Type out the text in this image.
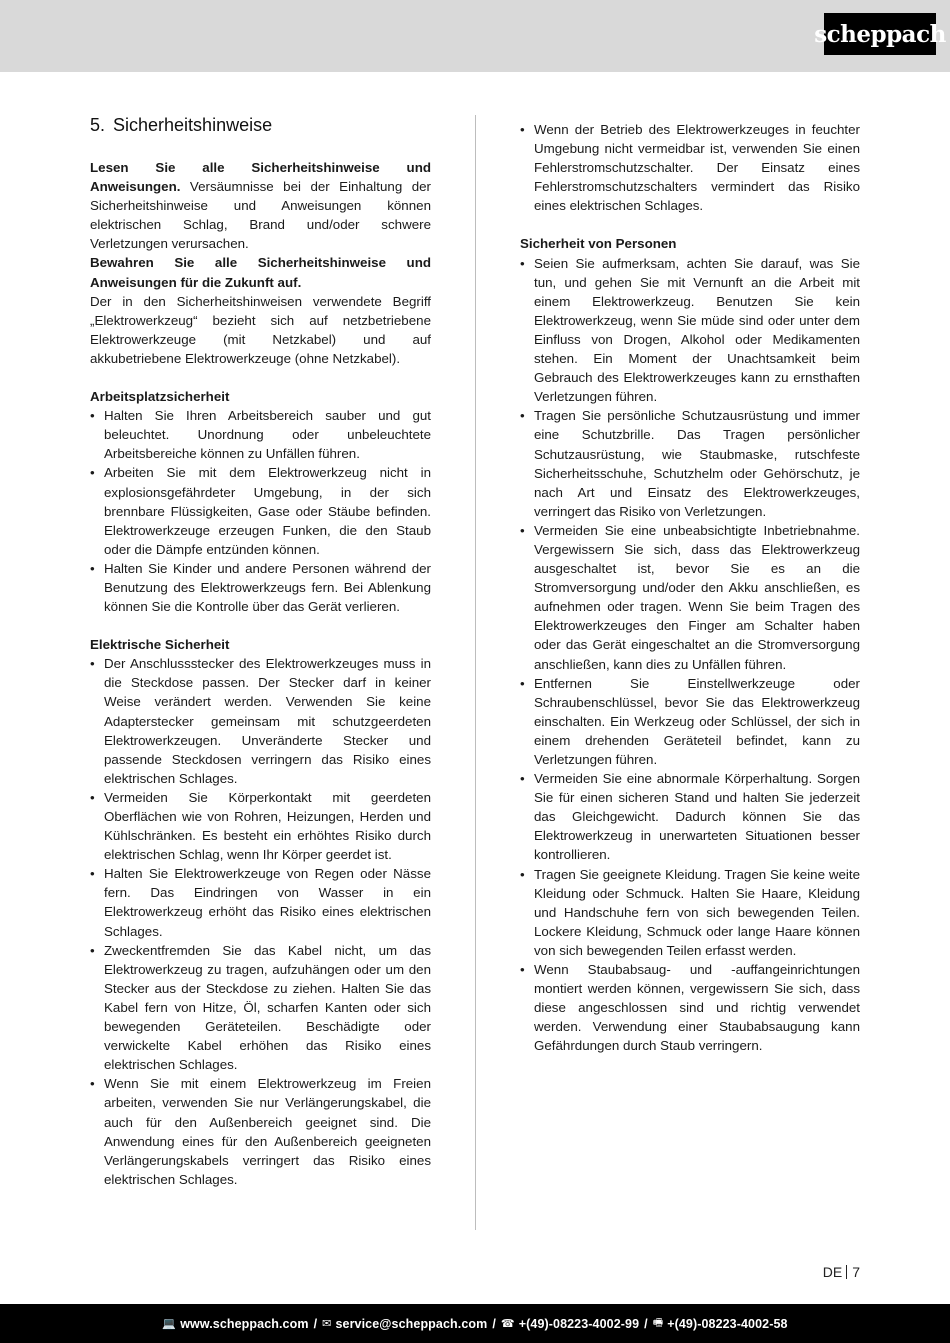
scheppach
5. Sicherheitshinweise

Lesen Sie alle Sicherheitshinweise und Anweisungen. Versäumnisse bei der Einhaltung der Sicherheitshinweise und Anweisungen können elektrischen Schlag, Brand und/oder schwere Verletzungen verursachen.

Bewahren Sie alle Sicherheitshinweise und Anweisungen für die Zukunft auf.

Der in den Sicherheitshinweisen verwendete Begriff „Elektrowerkzeug“ bezieht sich auf netzbetriebene Elektrowerkzeuge (mit Netzkabel) und auf akkubetriebene Elektrowerkzeuge (ohne Netzkabel).

Arbeitsplatzsicherheit

• Halten Sie Ihren Arbeitsbereich sauber und gut beleuchtet. Unordnung oder unbeleuchtete Arbeitsbereiche können zu Unfällen führen.
• Arbeiten Sie mit dem Elektrowerkzeug nicht in explosionsgefährdeter Umgebung, in der sich brennbare Flüssigkeiten, Gase oder Stäube befinden. Elektrowerkzeuge erzeugen Funken, die den Staub oder die Dämpfe entzünden können.
• Halten Sie Kinder und andere Personen während der Benutzung des Elektrowerkzeugs fern. Bei Ablenkung können Sie die Kontrolle über das Gerät verlieren.

Elektrische Sicherheit

• Der Anschlussstecker des Elektrowerkzeuges muss in die Steckdose passen. Der Stecker darf in keiner Weise verändert werden. Verwenden Sie keine Adapterstecker gemeinsam mit schutzgeerdeten Elektrowerkzeugen. Unveränderte Stecker und passende Steckdosen verringern das Risiko eines elektrischen Schlages.
• Vermeiden Sie Körperkontakt mit geerdeten Oberflächen wie von Rohren, Heizungen, Herden und Kühlschränken. Es besteht ein erhöhtes Risiko durch elektrischen Schlag, wenn Ihr Körper geerdet ist.
• Halten Sie Elektrowerkzeuge von Regen oder Nässe fern. Das Eindringen von Wasser in ein Elektrowerkzeug erhöht das Risiko eines elektrischen Schlages.
• Zweckentfremden Sie das Kabel nicht, um das Elektrowerkzeug zu tragen, aufzuhängen oder um den Stecker aus der Steckdose zu ziehen. Halten Sie das Kabel fern von Hitze, Öl, scharfen Kanten oder sich bewegenden Geräteteilen. Beschädigte oder verwickelte Kabel erhöhen das Risiko eines elektrischen Schlages.
• Wenn Sie mit einem Elektrowerkzeug im Freien arbeiten, verwenden Sie nur Verlängerungskabel, die auch für den Außenbereich geeignet sind. Die Anwendung eines für den Außenbereich geeigneten Verlängerungskabels verringert das Risiko eines elektrischen Schlages.
• Wenn der Betrieb des Elektrowerkzeuges in feuchter Umgebung nicht vermeidbar ist, verwenden Sie einen Fehlerstromschutzschalter. Der Einsatz eines Fehlerstromschutzschalters vermindert das Risiko eines elektrischen Schlages.

Sicherheit von Personen

• Seien Sie aufmerksam, achten Sie darauf, was Sie tun, und gehen Sie mit Vernunft an die Arbeit mit einem Elektrowerkzeug. Benutzen Sie kein Elektrowerkzeug, wenn Sie müde sind oder unter dem Einfluss von Drogen, Alkohol oder Medikamenten stehen. Ein Moment der Unachtsamkeit beim Gebrauch des Elektrowerkzeuges kann zu ernsthaften Verletzungen führen.
• Tragen Sie persönliche Schutzausrüstung und immer eine Schutzbrille. Das Tragen persönlicher Schutzausrüstung, wie Staubmaske, rutschfeste Sicherheitsschuhe, Schutzhelm oder Gehörschutz, je nach Art und Einsatz des Elektrowerkzeuges, verringert das Risiko von Verletzungen.
• Vermeiden Sie eine unbeabsichtigte Inbetriebnahme. Vergewissern Sie sich, dass das Elektrowerkzeug ausgeschaltet ist, bevor Sie es an die Stromversorgung und/oder den Akku anschließen, es aufnehmen oder tragen. Wenn Sie beim Tragen des Elektrowerkzeuges den Finger am Schalter haben oder das Gerät eingeschaltet an die Stromversorgung anschließen, kann dies zu Unfällen führen.
• Entfernen Sie Einstellwerkzeuge oder Schraubenschlüssel, bevor Sie das Elektrowerkzeug einschalten. Ein Werkzeug oder Schlüssel, der sich in einem drehenden Geräteteil befindet, kann zu Verletzungen führen.
• Vermeiden Sie eine abnormale Körperhaltung. Sorgen Sie für einen sicheren Stand und halten Sie jederzeit das Gleichgewicht. Dadurch können Sie das Elektrowerkzeug in unerwarteten Situationen besser kontrollieren.
• Tragen Sie geeignete Kleidung. Tragen Sie keine weite Kleidung oder Schmuck. Halten Sie Haare, Kleidung und Handschuhe fern von sich bewegenden Teilen. Lockere Kleidung, Schmuck oder lange Haare können von sich bewegenden Teilen erfasst werden.
• Wenn Staubabsaug- und -auffangeinrichtungen montiert werden können, vergewissern Sie sich, dass diese angeschlossen sind und richtig verwendet werden. Verwendung einer Staubabsaugung kann Gefährdungen durch Staub verringern.
DE 7
💻 www.scheppach.com / ✉ service@scheppach.com / ☎ +(49)-08223-4002-99 / 🖷 +(49)-08223-4002-58
